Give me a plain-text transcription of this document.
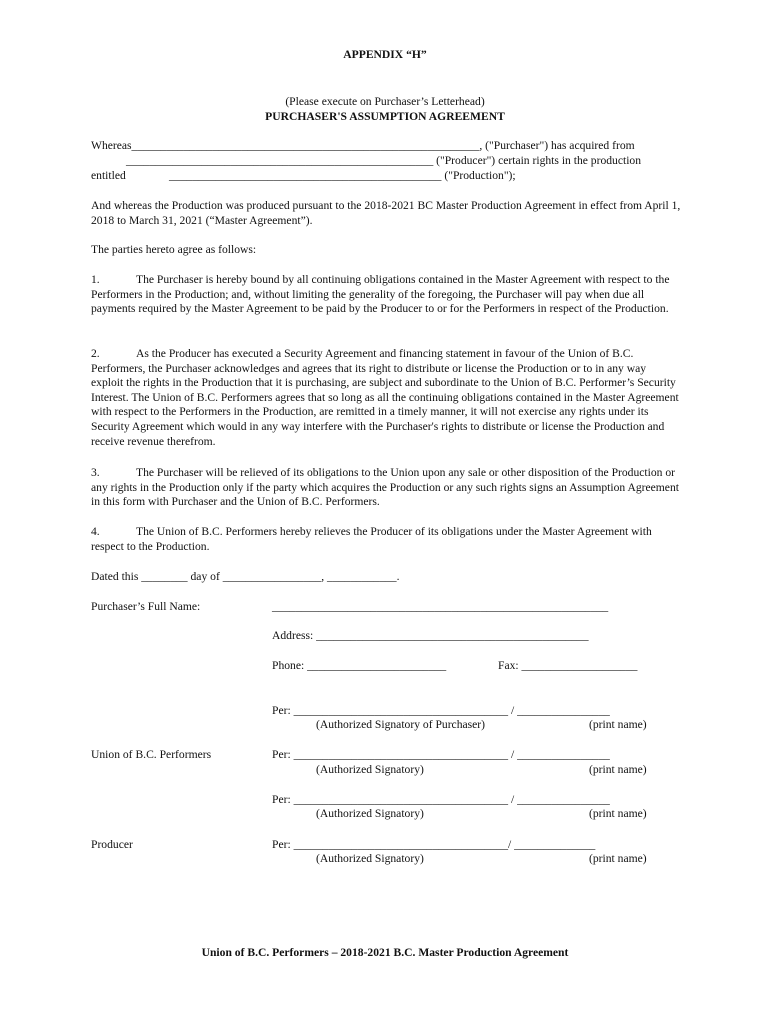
APPENDIX “H”
(Please execute on Purchaser’s Letterhead)
PURCHASER'S ASSUMPTION AGREEMENT
Whereas____________________________________________________________, ("Purchaser") has acquired from
_____________________________________________________ ("Producer") certain rights in the production
entitled	_______________________________________________ ("Production");
And whereas the Production was produced pursuant to the 2018-2021 BC Master Production Agreement in effect from April 1, 2018 to March 31, 2021 (“Master Agreement”).
The parties hereto agree as follows:
1.	The Purchaser is hereby bound by all continuing obligations contained in the Master Agreement with respect to the Performers in the Production; and, without limiting the generality of the foregoing, the Purchaser will pay when due all payments required by the Master Agreement to be paid by the Producer to or for the Performers in respect of the Production.
2.	As the Producer has executed a Security Agreement and financing statement in favour of the Union of B.C. Performers, the Purchaser acknowledges and agrees that its right to distribute or license the Production or to in any way exploit the rights in the Production that it is purchasing, are subject and subordinate to the Union of B.C. Performer’s Security Interest. The Union of B.C. Performers agrees that so long as all the continuing obligations contained in the Master Agreement with respect to the Performers in the Production, are remitted in a timely manner, it will not exercise any rights under its Security Agreement which would in any way interfere with the Purchaser's rights to distribute or license the Production and receive revenue therefrom.
3.	The Purchaser will be relieved of its obligations to the Union upon any sale or other disposition of the Production or any rights in the Production only if the party which acquires the Production or any such rights signs an Assumption Agreement in this form with Purchaser and the Union of B.C. Performers.
4.	The Union of B.C. Performers hereby relieves the Producer of its obligations under the Master Agreement with respect to the Production.
Dated this ________ day of _________________, ____________.
Purchaser’s Full Name:	__________________________________________________________
Address: _______________________________________________
Phone: ________________________	Fax: ____________________
Per: _____________________________________ / ________________
(Authorized Signatory of Purchaser)	(print name)
Union of B.C. Performers	Per: _____________________________________ / ________________
(Authorized Signatory)	(print name)
Per: _____________________________________ / ________________
(Authorized Signatory)	(print name)
Producer	Per: _____________________________________/ ______________
(Authorized Signatory)	(print name)
Union of B.C. Performers – 2018-2021 B.C. Master Production Agreement
